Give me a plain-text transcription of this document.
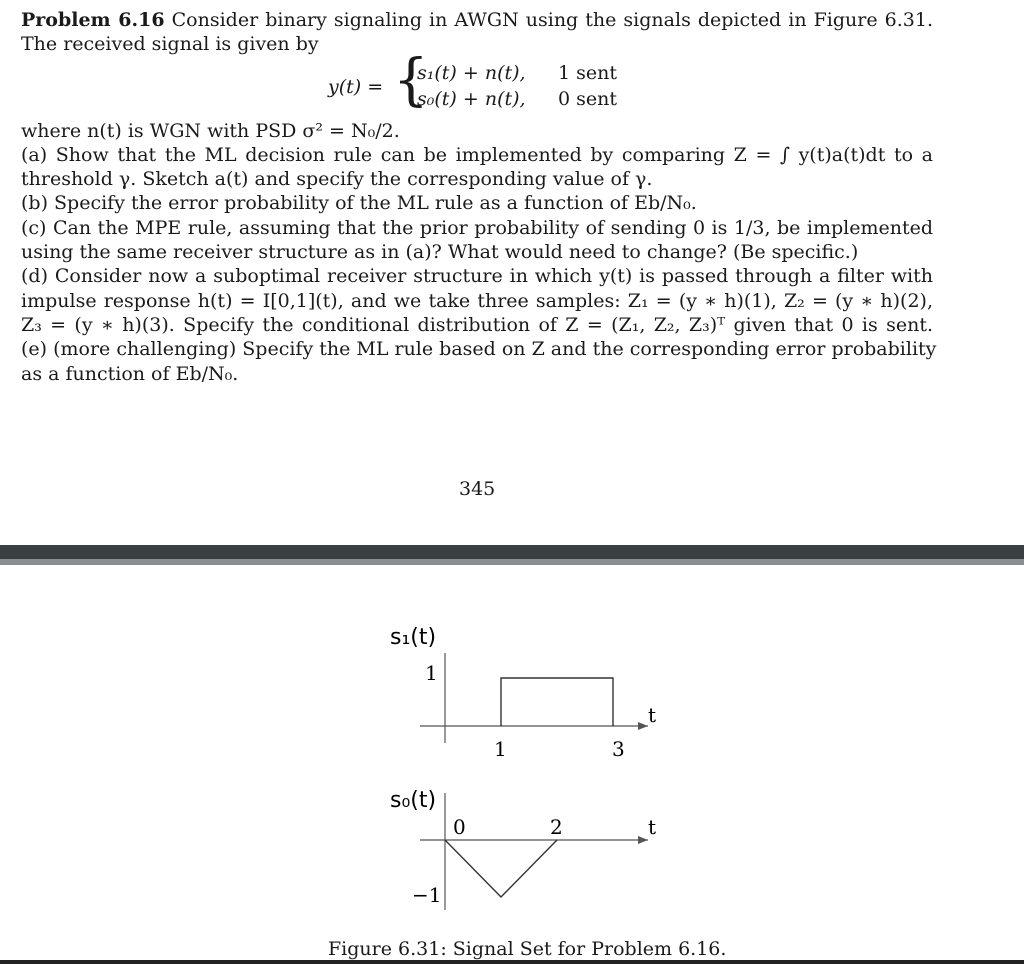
Problem 6.16 Consider binary signaling in AWGN using the signals depicted in Figure 6.31.
The received signal is given by
y(t) = {
s₁(t) + n(t), 1 sent
s₀(t) + n(t), 0 sent
where n(t) is WGN with PSD σ² = N₀/2.
(a) Show that the ML decision rule can be implemented by comparing Z = ∫ y(t)a(t)dt to a
threshold γ. Sketch a(t) and specify the corresponding value of γ.
(b) Specify the error probability of the ML rule as a function of Eb/N₀.
(c) Can the MPE rule, assuming that the prior probability of sending 0 is 1/3, be implemented
using the same receiver structure as in (a)? What would need to change? (Be specific.)
(d) Consider now a suboptimal receiver structure in which y(t) is passed through a filter with
impulse response h(t) = I[0,1](t), and we take three samples: Z₁ = (y ∗ h)(1), Z₂ = (y ∗ h)(2),
Z₃ = (y ∗ h)(3). Specify the conditional distribution of Z = (Z₁, Z₂, Z₃)ᵀ given that 0 is sent.
(e) (more challenging) Specify the ML rule based on Z and the corresponding error probability
as a function of Eb/N₀.
345
s₁(t)
1
1	3
t
s₀(t)
−1
0	2	t
Figure 6.31: Signal Set for Problem 6.16.
